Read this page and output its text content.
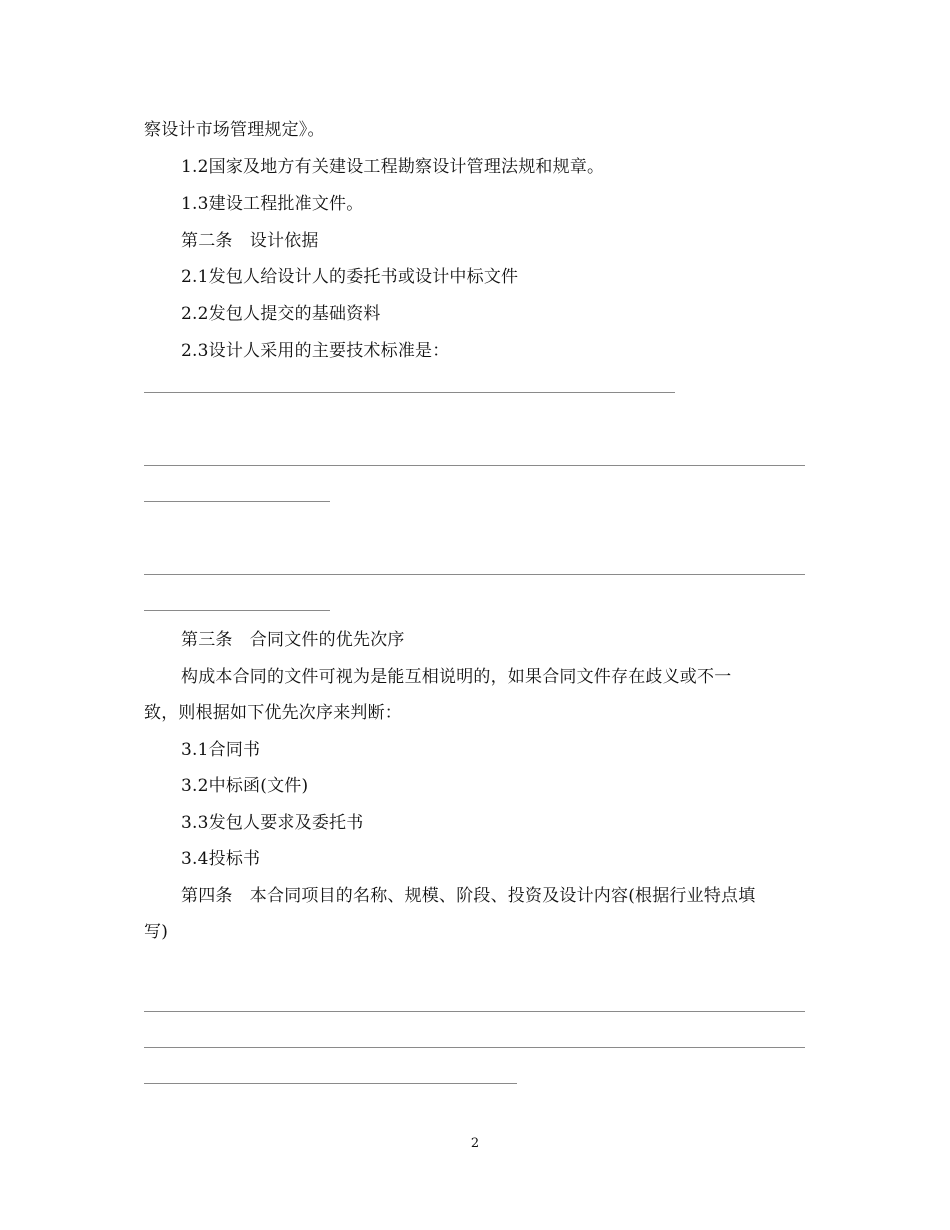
察设计市场管理规定》。
1.2国家及地方有关建设工程勘察设计管理法规和规章。
1.3建设工程批准文件。
第二条　设计依据
2.1发包人给设计人的委托书或设计中标文件
2.2发包人提交的基础资料
2.3设计人采用的主要技术标准是：
第三条　合同文件的优先次序
构成本合同的文件可视为是能互相说明的，如果合同文件存在歧义或不一
致，则根据如下优先次序来判断：
3.1合同书
3.2中标函(文件)
3.3发包人要求及委托书
3.4投标书
第四条　本合同项目的名称、规模、阶段、投资及设计内容(根据行业特点填
写)
2
